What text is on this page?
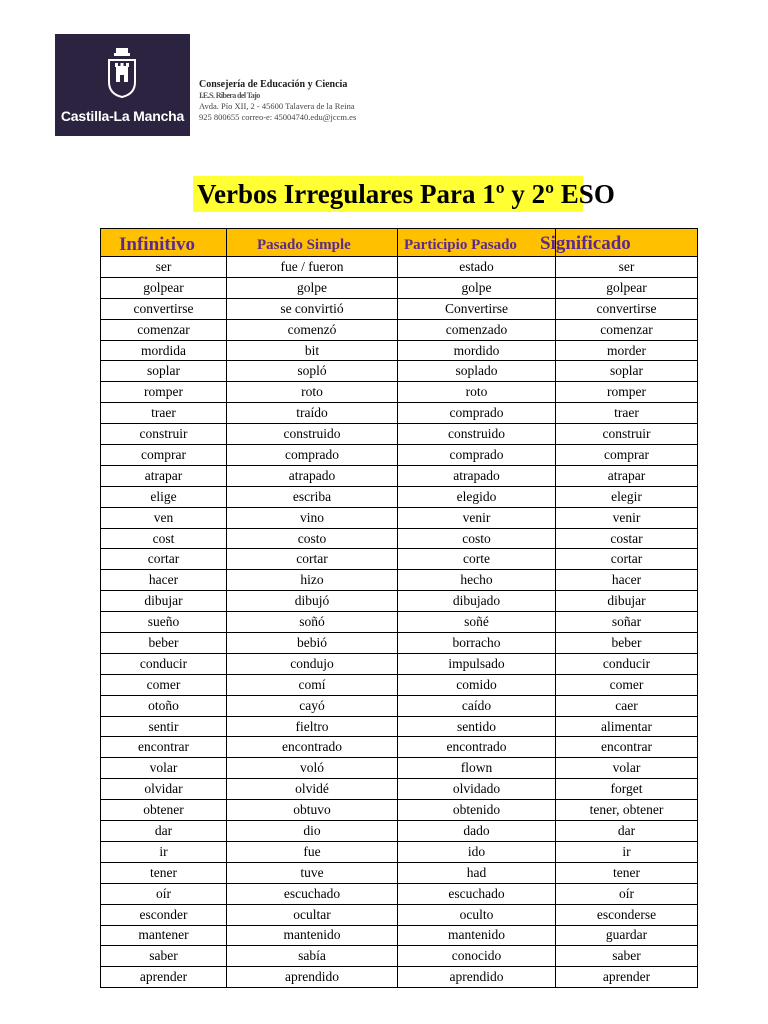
Castilla-La Mancha
Consejería de Educación y Ciencia
I.E.S. Ribera del Tajo
Avda. Pío XII, 2 - 45600 Talavera de la Reina
925 800655 correo-e: 45004740.edu@jccm.es
Verbos Irregulares Para 1º y 2º ESO
Infinitivo	Pasado Simple	Participio Pasado	Significado

ser	fue / fueron	estado	ser
golpear	golpe	golpe	golpear
convertirse	se convirtió	Convertirse	convertirse
comenzar	comenzó	comenzado	comenzar
mordida	bit	mordido	morder
soplar	sopló	soplado	soplar
romper	roto	roto	romper
traer	traído	comprado	traer
construir	construido	construido	construir
comprar	comprado	comprado	comprar
atrapar	atrapado	atrapado	atrapar
elige	escriba	elegido	elegir
ven	vino	venir	venir
cost	costo	costo	costar
cortar	cortar	corte	cortar
hacer	hizo	hecho	hacer
dibujar	dibujó	dibujado	dibujar
sueño	soñó	soñé	soñar
beber	bebió	borracho	beber
conducir	condujo	impulsado	conducir
comer	comí	comido	comer
otoño	cayó	caído	caer
sentir	fieltro	sentido	alimentar
encontrar	encontrado	encontrado	encontrar
volar	voló	flown	volar
olvidar	olvidé	olvidado	forget
obtener	obtuvo	obtenido	tener, obtener
dar	dio	dado	dar
ir	fue	ido	ir
tener	tuve	had	tener
oír	escuchado	escuchado	oír
esconder	ocultar	oculto	esconderse
mantener	mantenido	mantenido	guardar
saber	sabía	conocido	saber
aprender	aprendido	aprendido	aprender
